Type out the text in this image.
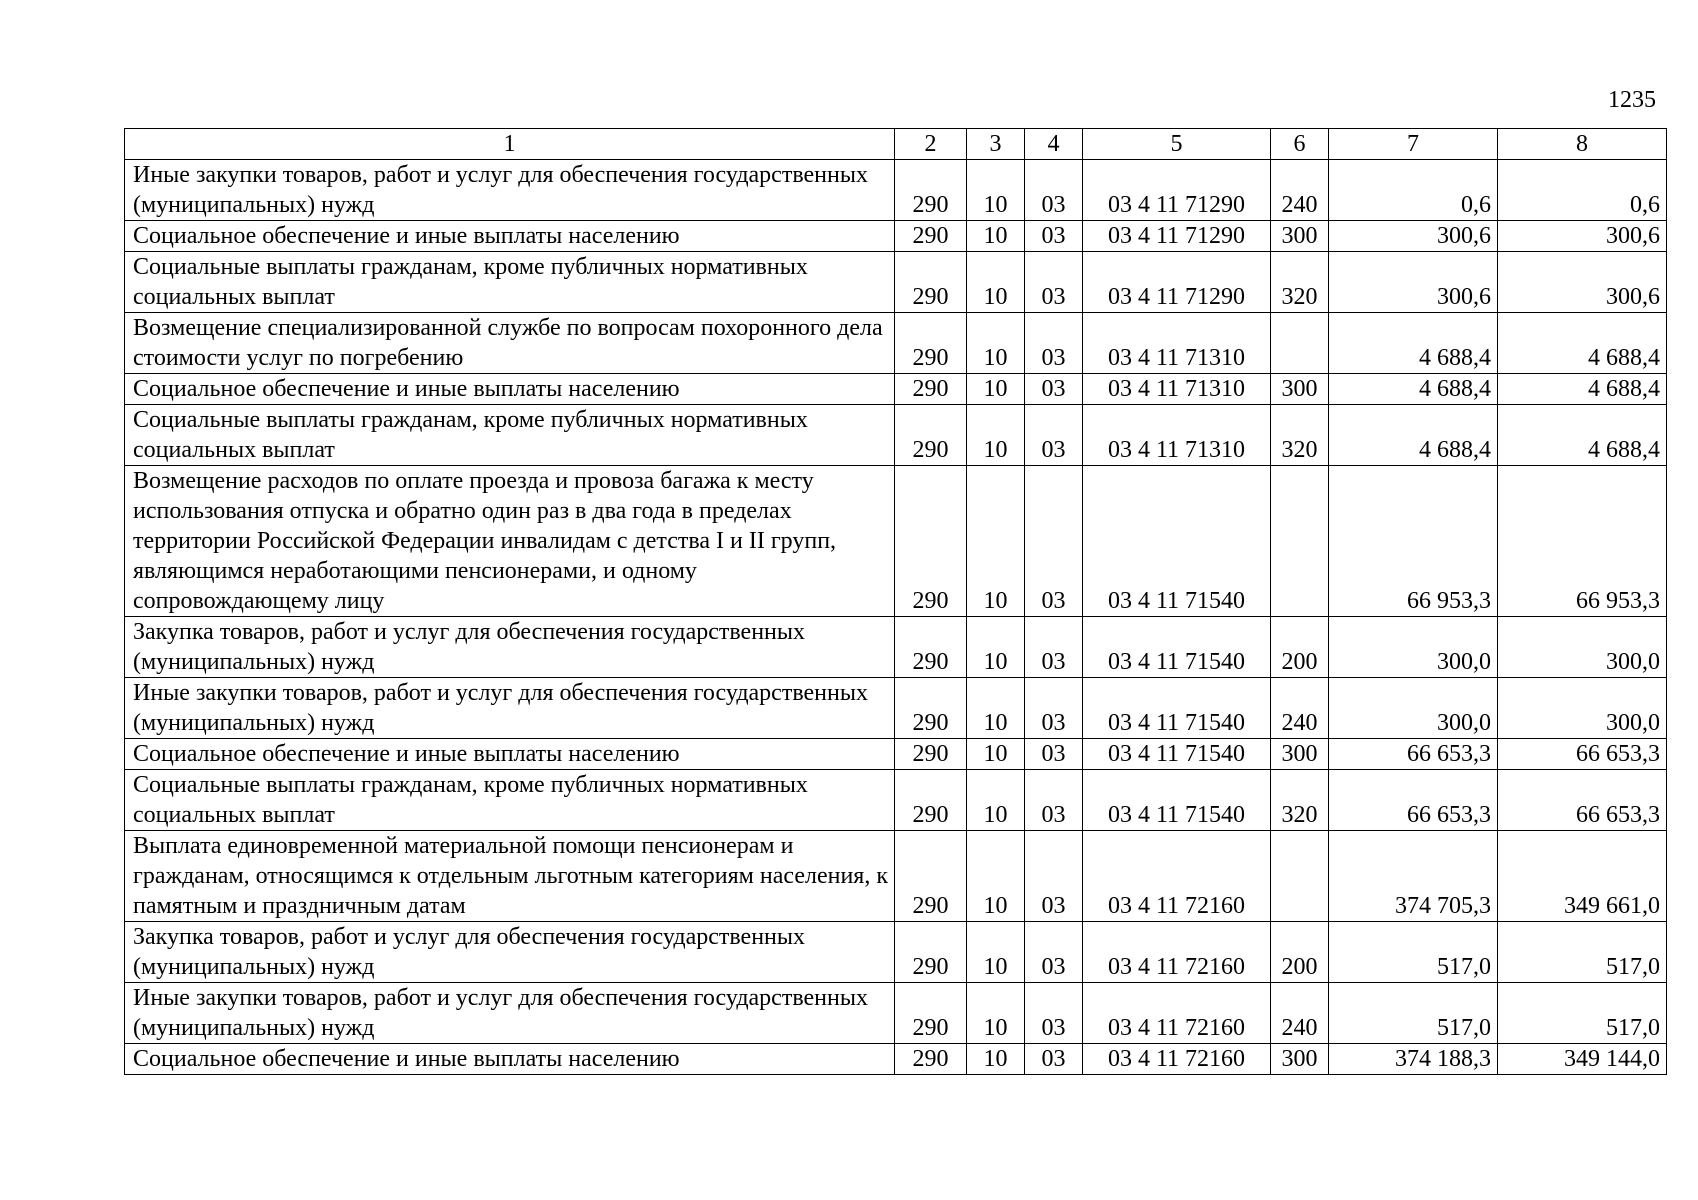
1235
1	2	3	4	5	6	7	8
Иные закупки товаров, работ и услуг для обеспечения государственных (муниципальных) нужд	290	10	03	03 4 11 71290	240	0,6	0,6
Социальное обеспечение и иные выплаты населению	290	10	03	03 4 11 71290	300	300,6	300,6
Социальные выплаты гражданам, кроме публичных нормативных социальных выплат	290	10	03	03 4 11 71290	320	300,6	300,6
Возмещение специализированной службе по вопросам похоронного дела стоимости услуг по погребению	290	10	03	03 4 11 71310		4 688,4	4 688,4
Социальное обеспечение и иные выплаты населению	290	10	03	03 4 11 71310	300	4 688,4	4 688,4
Социальные выплаты гражданам, кроме публичных нормативных социальных выплат	290	10	03	03 4 11 71310	320	4 688,4	4 688,4
Возмещение расходов по оплате проезда и провоза багажа к месту использования отпуска и обратно один раз в два года в пределах территории Российской Федерации инвалидам с детства I и II групп, являющимся неработающими пенсионерами, и одному сопровождающему лицу	290	10	03	03 4 11 71540		66 953,3	66 953,3
Закупка товаров, работ и услуг для обеспечения государственных (муниципальных) нужд	290	10	03	03 4 11 71540	200	300,0	300,0
Иные закупки товаров, работ и услуг для обеспечения государственных (муниципальных) нужд	290	10	03	03 4 11 71540	240	300,0	300,0
Социальное обеспечение и иные выплаты населению	290	10	03	03 4 11 71540	300	66 653,3	66 653,3
Социальные выплаты гражданам, кроме публичных нормативных социальных выплат	290	10	03	03 4 11 71540	320	66 653,3	66 653,3
Выплата единовременной материальной помощи пенсионерам и гражданам, относящимся к отдельным льготным категориям населения, к памятным и праздничным датам	290	10	03	03 4 11 72160		374 705,3	349 661,0
Закупка товаров, работ и услуг для обеспечения государственных (муниципальных) нужд	290	10	03	03 4 11 72160	200	517,0	517,0
Иные закупки товаров, работ и услуг для обеспечения государственных (муниципальных) нужд	290	10	03	03 4 11 72160	240	517,0	517,0
Социальное обеспечение и иные выплаты населению	290	10	03	03 4 11 72160	300	374 188,3	349 144,0
